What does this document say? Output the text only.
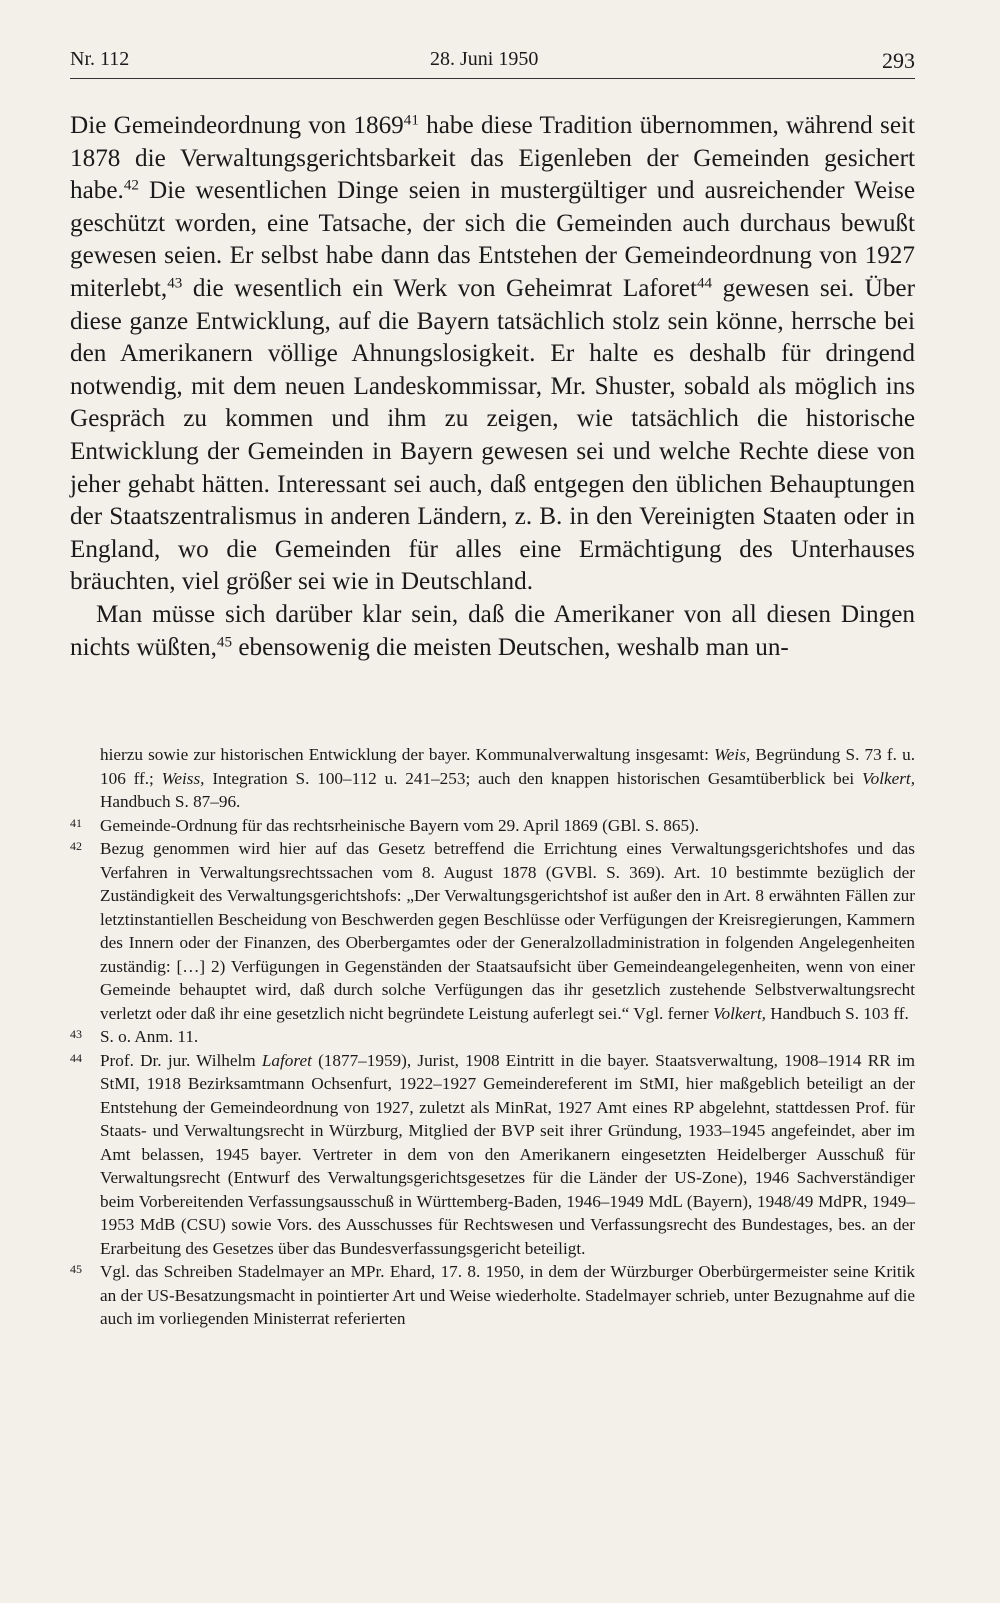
Nr. 112	28. Juni 1950	293

Die Gemeindeordnung von 1869$^{41}$ habe diese Tradition übernommen, während seit 1878 die Verwaltungsgerichtsbarkeit das Eigenleben der Gemeinden gesichert habe.$^{42}$ Die wesentlichen Dinge seien in mustergültiger und ausreichender Weise geschützt worden, eine Tatsache, der sich die Gemeinden auch durchaus bewußt gewesen seien. Er selbst habe dann das Entstehen der Gemeindeordnung von 1927 miterlebt,$^{43}$ die wesentlich ein Werk von Geheimrat Laforet$^{44}$ gewesen sei. Über diese ganze Entwicklung, auf die Bayern tatsächlich stolz sein könne, herrsche bei den Amerikanern völlige Ahnungslosigkeit. Er halte es deshalb für dringend notwendig, mit dem neuen Landeskommissar, Mr. Shuster, sobald als möglich ins Gespräch zu kommen und ihm zu zeigen, wie tatsächlich die historische Entwicklung der Gemeinden in Bayern gewesen sei und welche Rechte diese von jeher gehabt hätten. Interessant sei auch, daß entgegen den üblichen Behauptungen der Staatszentralismus in anderen Ländern, z. B. in den Vereinigten Staaten oder in England, wo die Gemeinden für alles eine Ermächtigung des Unterhauses bräuchten, viel größer sei wie in Deutschland.

Man müsse sich darüber klar sein, daß die Amerikaner von all diesen Dingen nichts wüßten,$^{45}$ ebensowenig die meisten Deutschen, weshalb man un-

hierzu sowie zur historischen Entwicklung der bayer. Kommunalverwaltung insgesamt: Weis, Begründung S. 73 f. u. 106 ff.; Weiss, Integration S. 100–112 u. 241–253; auch den knappen historischen Gesamtüberblick bei Volkert, Handbuch S. 87–96.

41 Gemeinde-Ordnung für das rechtsrheinische Bayern vom 29. April 1869 (GBl. S. 865).

42 Bezug genommen wird hier auf das Gesetz betreffend die Errichtung eines Verwaltungsgerichtshofes und das Verfahren in Verwaltungsrechtssachen vom 8. August 1878 (GVBl. S. 369). Art. 10 bestimmte bezüglich der Zuständigkeit des Verwaltungsgerichtshofs: „Der Verwaltungsgerichtshof ist außer den in Art. 8 erwähnten Fällen zur letztinstantiellen Bescheidung von Beschwerden gegen Beschlüsse oder Verfügungen der Kreisregierungen, Kammern des Innern oder der Finanzen, des Oberbergamtes oder der Generalzolladministration in folgenden Angelegenheiten zuständig: […] 2) Verfügungen in Gegenständen der Staatsaufsicht über Gemeindeangelegenheiten, wenn von einer Gemeinde behauptet wird, daß durch solche Verfügungen das ihr gesetzlich zustehende Selbstverwaltungsrecht verletzt oder daß ihr eine gesetzlich nicht begründete Leistung auferlegt sei.“ Vgl. ferner Volkert, Handbuch S. 103 ff.

43 S. o. Anm. 11.

44 Prof. Dr. jur. Wilhelm Laforet (1877–1959), Jurist, 1908 Eintritt in die bayer. Staatsverwaltung, 1908–1914 RR im StMI, 1918 Bezirksamtmann Ochsenfurt, 1922–1927 Gemeindereferent im StMI, hier maßgeblich beteiligt an der Entstehung der Gemeindeordnung von 1927, zuletzt als MinRat, 1927 Amt eines RP abgelehnt, stattdessen Prof. für Staats- und Verwaltungsrecht in Würzburg, Mitglied der BVP seit ihrer Gründung, 1933–1945 angefeindet, aber im Amt belassen, 1945 bayer. Vertreter in dem von den Amerikanern eingesetzten Heidelberger Ausschuß für Verwaltungsrecht (Entwurf des Verwaltungsgerichtsgesetzes für die Länder der US-Zone), 1946 Sachverständiger beim Vorbereitenden Verfassungsausschuß in Württemberg-Baden, 1946–1949 MdL (Bayern), 1948/49 MdPR, 1949–1953 MdB (CSU) sowie Vors. des Ausschusses für Rechtswesen und Verfassungsrecht des Bundestages, bes. an der Erarbeitung des Gesetzes über das Bundesverfassungsgericht beteiligt.

45 Vgl. das Schreiben Stadelmayer an MPr. Ehard, 17. 8. 1950, in dem der Würzburger Oberbürgermeister seine Kritik an der US-Besatzungsmacht in pointierter Art und Weise wiederholte. Stadelmayer schrieb, unter Bezugnahme auf die auch im vorliegenden Ministerrat referierten
